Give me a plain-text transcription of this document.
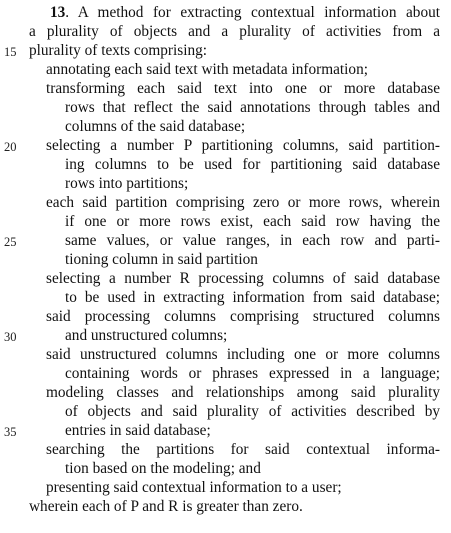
13. A method for extracting contextual information about
a plurality of objects and a plurality of activities from a
plurality of texts comprising:
annotating each said text with metadata information;
transforming each said text into one or more database
rows that reflect the said annotations through tables and
columns of the said database;
selecting a number P partitioning columns, said partition-
ing columns to be used for partitioning said database
rows into partitions;
each said partition comprising zero or more rows, wherein
if one or more rows exist, each said row having the
same values, or value ranges, in each row and parti-
tioning column in said partition
selecting a number R processing columns of said database
to be used in extracting information from said database;
said processing columns comprising structured columns
and unstructured columns;
said unstructured columns including one or more columns
containing words or phrases expressed in a language;
modeling classes and relationships among said plurality
of objects and said plurality of activities described by
entries in said database;
searching the partitions for said contextual informa-
tion based on the modeling; and
presenting said contextual information to a user;
wherein each of P and R is greater than zero.
15
20
25
30
35
